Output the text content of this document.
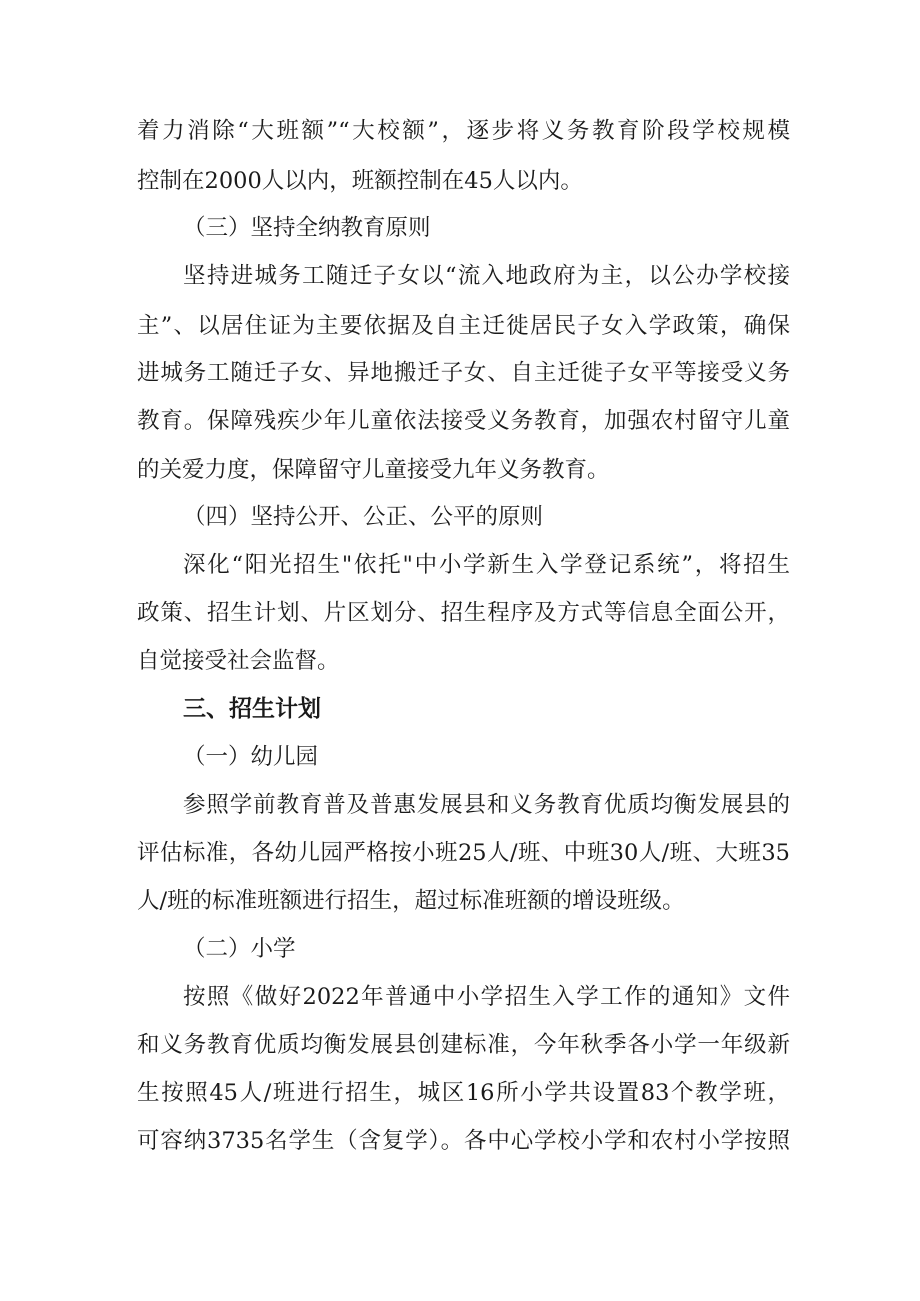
着力消除“大班额”“大校额”，逐步将义务教育阶段学校规模
控制在2000人以内，班额控制在45人以内。
（三）坚持全纳教育原则
坚持进城务工随迁子女以“流入地政府为主，以公办学校接
主”、以居住证为主要依据及自主迁徙居民子女入学政策，确保
进城务工随迁子女、异地搬迁子女、自主迁徙子女平等接受义务
教育。保障残疾少年儿童依法接受义务教育，加强农村留守儿童
的关爱力度，保障留守儿童接受九年义务教育。
（四）坚持公开、公正、公平的原则
深化“阳光招生"依托"中小学新生入学登记系统”，将招生
政策、招生计划、片区划分、招生程序及方式等信息全面公开，
自觉接受社会监督。
三、招生计划
（一）幼儿园
参照学前教育普及普惠发展县和义务教育优质均衡发展县的
评估标准，各幼儿园严格按小班25人/班、中班30人/班、大班35
人/班的标准班额进行招生，超过标准班额的增设班级。
（二）小学
按照《做好2022年普通中小学招生入学工作的通知》文件
和义务教育优质均衡发展县创建标准，今年秋季各小学一年级新
生按照45人/班进行招生，城区16所小学共设置83个教学班，
可容纳3735名学生（含复学）。各中心学校小学和农村小学按照
